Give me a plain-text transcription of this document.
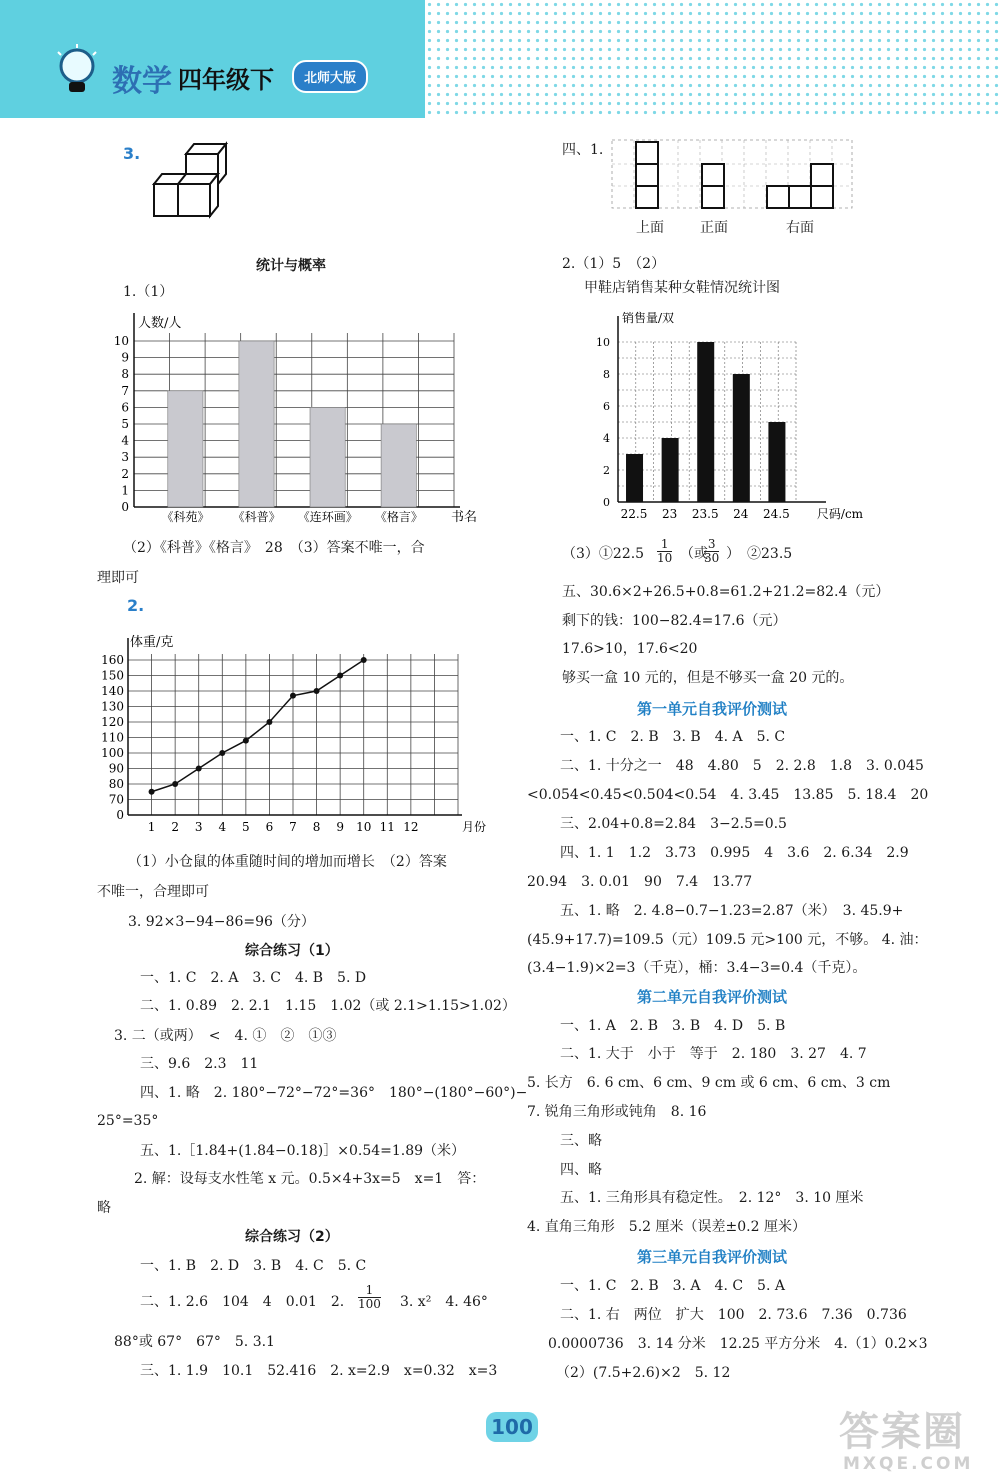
数学 四年级下	北师大版
3.
统计与概率
1.（1）
0
1
2
3
4
5
6
7
8
9
10
人数/人
书名
《科苑》 《科普》 《连环画》 《格言》
（2）《科普》《格言》　28　（3）答案不唯一，合
理即可
2.
0
70
80
90
100
110
120
130
140
150
160
体重/克
月份
1 2 3 4 5 6 7 8 9 10 11 12
（1）小仓鼠的体重随时间的增加而增长　（2）答案
不唯一，合理即可
3. 92×3−94−86=96（分）
综合练习（1）
一、1. C　2. A　3. C　4. B　5. D
二、1. 0.89　2. 2.1　1.15　1.02（或 2.1>1.15>1.02）
3. 二（或两）　<　4. ①　②　①③
三、9.6　2.3　11
四、1. 略　2. 180°−72°−72°=36°　180°−(180°−60°)−
25°=35°
五、1.［1.84+(1.84−0.18)］×0.54=1.89（米）
2. 解：设每支水性笔 x 元。0.5×4+3x=5　x=1　答：
略
综合练习（2）
一、1. B　2. D　3. B　4. C　5. C
二、1. 2.6　104　4　0.01　2. $\frac{1}{100} 3$. x²　4. 46°
88°或 67°　67°　5. 3.1
三、1. 1.9　10.1　52.416　2. x=2.9　x=0.32　x=3
四、1.
上面	正面	右面
2.（1）5　（2）
甲鞋店销售某种女鞋情况统计图
0
2
4
6
8
10
销售量/双
尺码/cm
22.5 23 23.5 24 24.5
（3）①22.5 $\frac{1}{10}$ （或
$\frac{3}{30}$ ）　②23.5
五、30.6×2+26.5+0.8=61.2+21.2=82.4（元）
剩下的钱：100−82.4=17.6（元）
17.6>10，17.6<20
够买一盒 10 元的，但是不够买一盒 20 元的。
第一单元自我评价测试
一、1. C　2. B　3. B　4. A　5. C
二、1. 十分之一　48　4.80　5　2. 2.8　1.8　3. 0.045
<0.054<0.45<0.504<0.54　4. 3.45　13.85　5. 18.4　20
三、2.04+0.8=2.84　3−2.5=0.5
四、1. 1　1.2　3.73　0.995　4　3.6　2. 6.34　2.9
20.94　3. 0.01　90　7.4　13.77
五、1. 略　2. 4.8−0.7−1.23=2.87（米）　3. 45.9+
(45.9+17.7)=109.5（元）109.5 元>100 元，不够。 4. 油：
(3.4−1.9)×2=3（千克），桶：3.4−3=0.4（千克）。
第二单元自我评价测试
一、1. A　2. B　3. B　4. D　5. B
二、1. 大于　小于　等于　2. 180　3. 27　4. 7
5. 长方　6. 6 cm、6 cm、9 cm 或 6 cm、6 cm、3 cm
7. 锐角三角形或钝角　8. 16
三、略
四、略
五、1. 三角形具有稳定性。　2. 12°　3. 10 厘米
4. 直角三角形　5.2 厘米（误差±0.2 厘米）
第三单元自我评价测试
一、1. C　2. B　3. A　4. C　5. A
二、1. 右　两位　扩大　100　2. 73.6　7.36　0.736
0.0000736　3. 14 分米　12.25 平方分米　4.（1）0.2×3
（2）(7.5+2.6)×2　5. 12
100	答案圈
MXQE.COM
